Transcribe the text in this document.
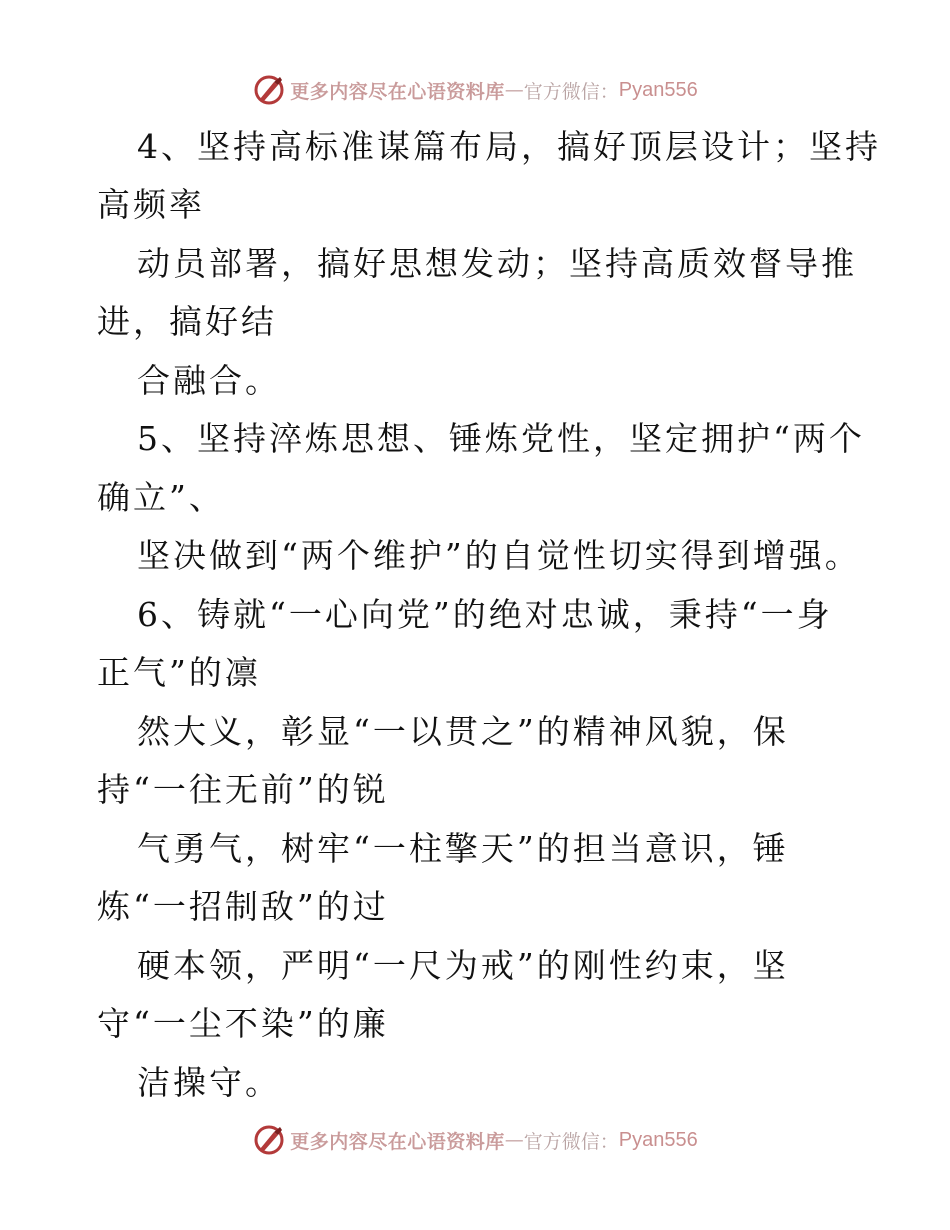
更多内容尽在心语资料库 — 官方微信： Pyan556
4、坚持高标准谋篇布局，搞好顶层设计；坚持
高频率
动员部署，搞好思想发动；坚持高质效督导推
进，搞好结
合融合。
5、坚持淬炼思想、锤炼党性，坚定拥护“两个
确立”、
坚决做到“两个维护”的自觉性切实得到增强。
6、铸就“一心向党”的绝对忠诚，秉持“一身
正气”的凛
然大义，彰显“一以贯之”的精神风貌，保
持“一往无前”的锐
气勇气，树牢“一柱擎天”的担当意识，锤
炼“一招制敌”的过
硬本领，严明“一尺为戒”的刚性约束，坚
守“一尘不染”的廉
洁操守。
更多内容尽在心语资料库 — 官方微信： Pyan556
